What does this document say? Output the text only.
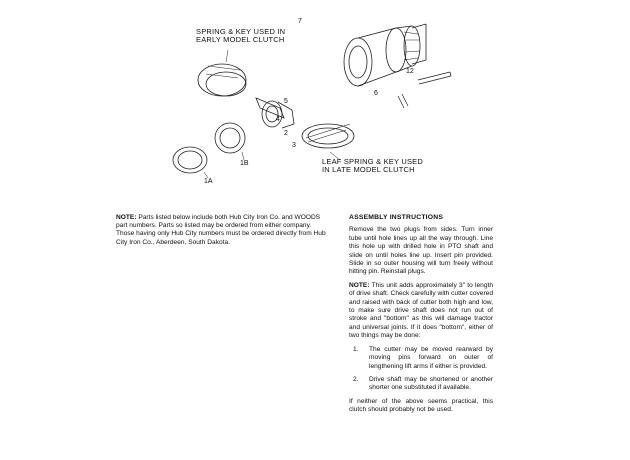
SPRING & KEY USED IN
EARLY MODEL CLUTCH
LEAF SPRING & KEY USED
IN LATE MODEL CLUTCH
7
6
5
4
3
2
1B
1A
12
NOTE: Parts listed below include both Hub City Iron Co. and WOODS part numbers. Parts so listed may be ordered from either company. Those having only Hub City numbers must be ordered directly from Hub City Iron Co., Aberdeen, South Dakota.
ASSEMBLY INSTRUCTIONS

Remove the two plugs from sides. Turn inner tube until hole lines up all the way through. Line this hole up with drilled hole in PTO shaft and slide on until holes line up. Insert pin provided. Slide in so outer housing will turn freely without hitting pin. Reinstall plugs.

NOTE: This unit adds approximately 3" to length of drive shaft. Check carefully with cutter covered and raised with back of cutter both high and low, to make sure drive shaft does not run out of stroke and "bottom" as this will damage tractor and universal joints. If it does "bottom", either of two things may be done:

1.	The cutter may be moved rearward by moving pins forward on outer of lengthening lift arms if either is provided.
2.	Drive shaft may be shortened or another shorter one substituted if available.

If neither of the above seems practical, this clutch should probably not be used.
